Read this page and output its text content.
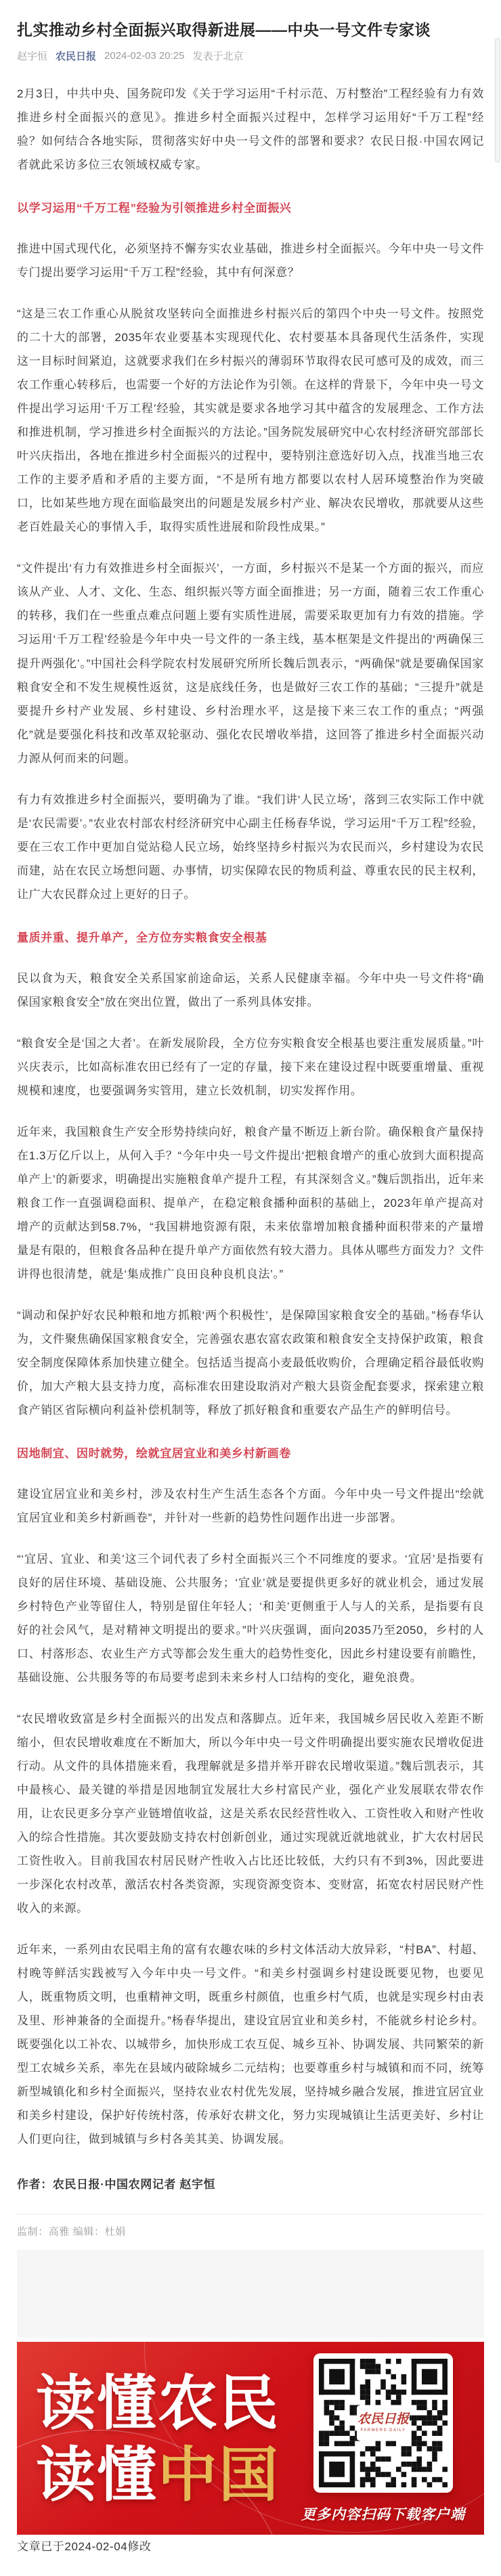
扎实推动乡村全面振兴取得新进展——中央一号文件专家谈
赵宇恒 农民日报 2024-02-03 20:25 发表于北京

2月3日，中共中央、国务院印发《关于学习运用“千村示范、万村整治”工程经验有力有效推进乡村全面振兴的意见》。推进乡村全面振兴过程中，怎样学习运用好“千万工程”经验？如何结合各地实际，贯彻落实好中央一号文件的部署和要求？农民日报·中国农网记者就此采访多位三农领域权威专家。

以学习运用“千万工程”经验为引领推进乡村全面振兴

推进中国式现代化，必须坚持不懈夯实农业基础，推进乡村全面振兴。今年中央一号文件专门提出要学习运用“千万工程”经验，其中有何深意？

“这是三农工作重心从脱贫攻坚转向全面推进乡村振兴后的第四个中央一号文件。按照党的二十大的部署，2035年农业要基本实现现代化、农村要基本具备现代生活条件，实现这一目标时间紧迫，这就要求我们在乡村振兴的薄弱环节取得农民可感可及的成效，而三农工作重心转移后，也需要一个好的方法论作为引领。在这样的背景下，今年中央一号文件提出学习运用‘千万工程’经验，其实就是要求各地学习其中蕴含的发展理念、工作方法和推进机制，学习推进乡村全面振兴的方法论。”国务院发展研究中心农村经济研究部部长叶兴庆指出，各地在推进乡村全面振兴的过程中，要特别注意选好切入点，找准当地三农工作的主要矛盾和矛盾的主要方面，“不是所有地方都要以农村人居环境整治作为突破口，比如某些地方现在面临最突出的问题是发展乡村产业、解决农民增收，那就要从这些老百姓最关心的事情入手，取得实质性进展和阶段性成果。”

“文件提出‘有力有效推进乡村全面振兴’，一方面，乡村振兴不是某一个方面的振兴，而应该从产业、人才、文化、生态、组织振兴等方面全面推进；另一方面，随着三农工作重心的转移，我们在一些重点难点问题上要有实质性进展，需要采取更加有力有效的措施。学习运用‘千万工程’经验是今年中央一号文件的一条主线，基本框架是文件提出的‘两确保三提升两强化’。”中国社会科学院农村发展研究所所长魏后凯表示，“两确保”就是要确保国家粮食安全和不发生规模性返贫，这是底线任务，也是做好三农工作的基础；“三提升”就是要提升乡村产业发展、乡村建设、乡村治理水平，这是接下来三农工作的重点；“两强化”就是要强化科技和改革双轮驱动、强化农民增收举措，这回答了推进乡村全面振兴动力源从何而来的问题。

有力有效推进乡村全面振兴，要明确为了谁。“我们讲‘人民立场’，落到三农实际工作中就是‘农民需要’。”农业农村部农村经济研究中心副主任杨春华说，学习运用“千万工程”经验，要在三农工作中更加自觉站稳人民立场，始终坚持乡村振兴为农民而兴，乡村建设为农民而建，站在农民立场想问题、办事情，切实保障农民的物质利益、尊重农民的民主权利，让广大农民群众过上更好的日子。

量质并重、提升单产，全方位夯实粮食安全根基

民以食为天，粮食安全关系国家前途命运，关系人民健康幸福。今年中央一号文件将“确保国家粮食安全”放在突出位置，做出了一系列具体安排。

“粮食安全是‘国之大者’。在新发展阶段，全方位夯实粮食安全根基也要注重发展质量。”叶兴庆表示，比如高标准农田已经有了一定的存量，接下来在建设过程中既要重增量、重视规模和速度，也要强调务实管用，建立长效机制，切实发挥作用。

近年来，我国粮食生产安全形势持续向好，粮食产量不断迈上新台阶。确保粮食产量保持在1.3万亿斤以上，从何入手？“今年中央一号文件提出‘把粮食增产的重心放到大面积提高单产上’的新要求，明确提出实施粮食单产提升工程，有其深刻含义。”魏后凯指出，近年来粮食工作一直强调稳面积、提单产，在稳定粮食播种面积的基础上，2023年单产提高对增产的贡献达到58.7%，“我国耕地资源有限，未来依靠增加粮食播种面积带来的产量增量是有限的，但粮食各品种在提升单产方面依然有较大潜力。具体从哪些方面发力？文件讲得也很清楚，就是‘集成推广良田良种良机良法’。”

“调动和保护好农民种粮和地方抓粮‘两个积极性’，是保障国家粮食安全的基础。”杨春华认为，文件聚焦确保国家粮食安全，完善强农惠农富农政策和粮食安全支持保护政策，粮食安全制度保障体系加快建立健全。包括适当提高小麦最低收购价，合理确定稻谷最低收购价，加大产粮大县支持力度，高标准农田建设取消对产粮大县资金配套要求，探索建立粮食产销区省际横向利益补偿机制等，释放了抓好粮食和重要农产品生产的鲜明信号。

因地制宜、因时就势，绘就宜居宜业和美乡村新画卷

建设宜居宜业和美乡村，涉及农村生产生活生态各个方面。今年中央一号文件提出“绘就宜居宜业和美乡村新画卷”，并针对一些新的趋势性问题作出进一步部署。

“‘宜居、宜业、和美’这三个词代表了乡村全面振兴三个不同维度的要求。‘宜居’是指要有良好的居住环境、基础设施、公共服务；‘宜业’就是要提供更多好的就业机会，通过发展乡村特色产业等留住人，特别是留住年轻人；‘和美’更侧重于人与人的关系，是指要有良好的社会风气，是对精神文明提出的要求。”叶兴庆强调，面向2035乃至2050，乡村的人口、村落形态、农业生产方式等都会发生重大的趋势性变化，因此乡村建设要有前瞻性，基础设施、公共服务等的布局要考虑到未来乡村人口结构的变化，避免浪费。

“农民增收致富是乡村全面振兴的出发点和落脚点。近年来，我国城乡居民收入差距不断缩小，但农民增收难度在不断加大，所以今年中央一号文件明确提出要实施农民增收促进行动。从文件的具体措施来看，我理解就是多措并举开辟农民增收渠道。”魏后凯表示，其中最核心、最关键的举措是因地制宜发展壮大乡村富民产业，强化产业发展联农带农作用，让农民更多分享产业链增值收益，这是关系农民经营性收入、工资性收入和财产性收入的综合性措施。其次要鼓励支持农村创新创业，通过实现就近就地就业，扩大农村居民工资性收入。目前我国农村居民财产性收入占比还比较低，大约只有不到3%，因此要进一步深化农村改革，激活农村各类资源，实现资源变资本、变财富，拓宽农村居民财产性收入的来源。

近年来，一系列由农民唱主角的富有农趣农味的乡村文体活动大放异彩，“村BA”、村超、村晚等鲜活实践被写入今年中央一号文件。“和美乡村强调乡村建设既要见物，也要见人，既重物质文明，也重精神文明，既重乡村颜值，也重乡村气质，也就是实现乡村由表及里、形神兼备的全面提升。”杨春华提出，建设宜居宜业和美乡村，不能就乡村论乡村。既要强化以工补农、以城带乡，加快形成工农互促、城乡互补、协调发展、共同繁荣的新型工农城乡关系，率先在县域内破除城乡二元结构；也要尊重乡村与城镇和而不同，统筹新型城镇化和乡村全面振兴，坚持农业农村优先发展，坚持城乡融合发展，推进宜居宜业和美乡村建设，保护好传统村落，传承好农耕文化，努力实现城镇让生活更美好、乡村让人们更向往，做到城镇与乡村各美其美、协调发展。

作者：农民日报·中国农网记者 赵宇恒

监制：高雅 编辑：杜娟

读懂农民
读懂中国
农民日报
FARMERS DAILY
更多内容扫码下载客户端

文章已于2024-02-04修改
